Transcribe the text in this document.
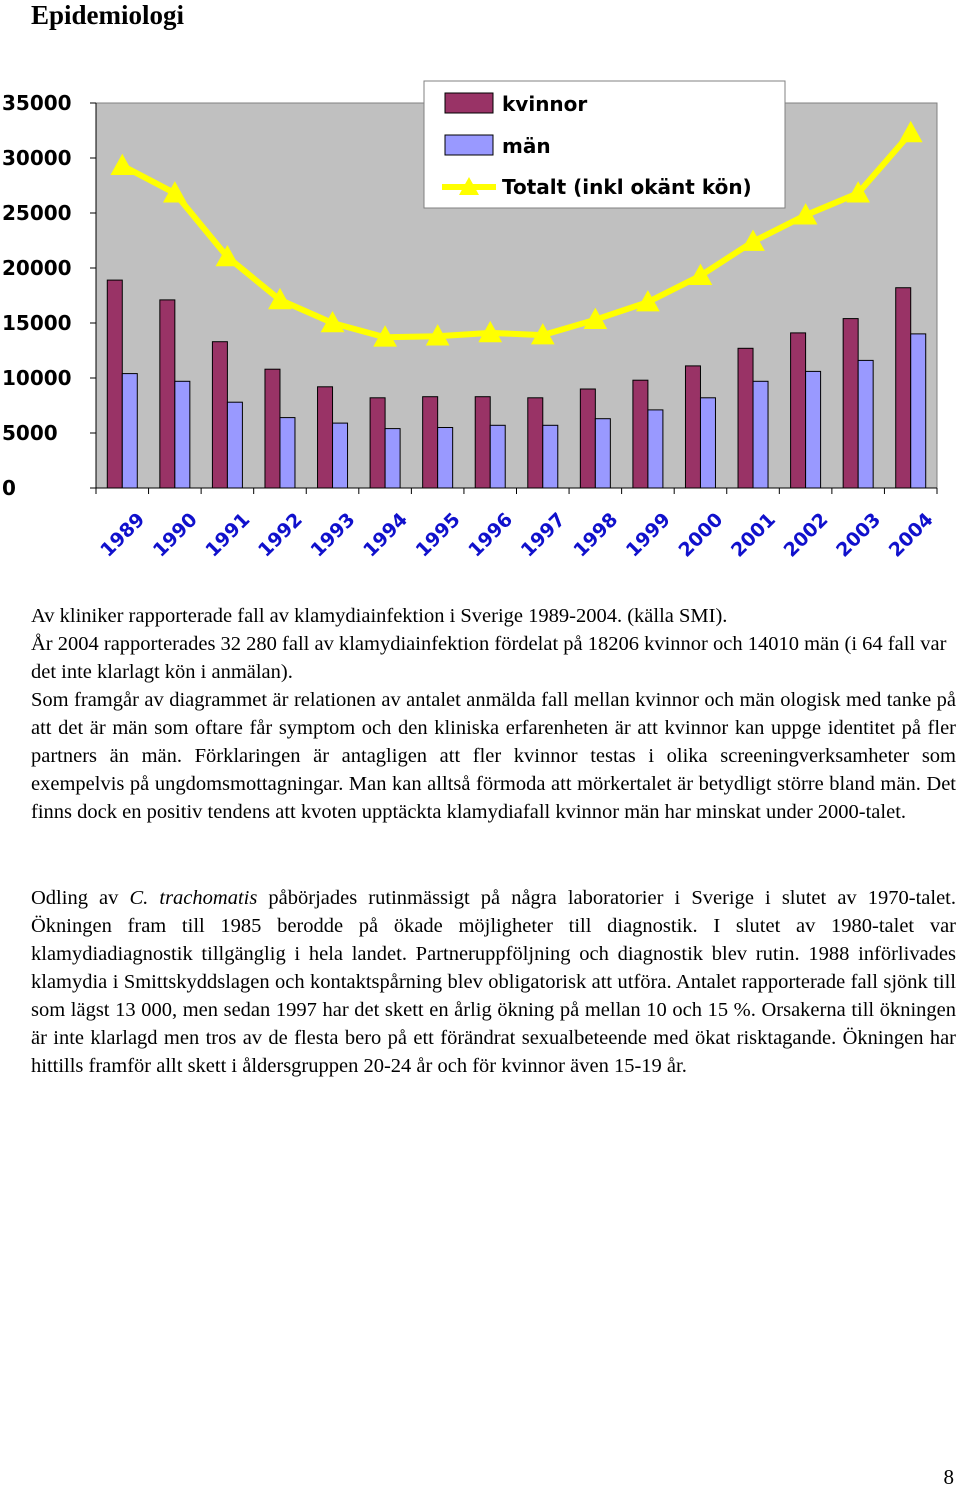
Epidemiologi
35000
30000
25000
20000
15000
10000
5000
0
1989 1990 1991 1992 1993 1994 1995 1996 1997 1998 1999 2000 2001 2002 2003 2004
kvinnor
män
Totalt (inkl okänt kön)

Av kliniker rapporterade fall av klamydiainfektion i Sverige 1989-2004. (källa SMI).

År 2004 rapporterades 32 280 fall av klamydiainfektion fördelat på 18206 kvinnor och 14010 män (i 64 fall var det inte klarlagt kön i anmälan).

Som framgår av diagrammet är relationen av antalet anmälda fall mellan kvinnor och män ologisk med tanke på att det är män som oftare får symptom och den kliniska erfarenheten är att kvinnor kan uppge identitet på fler partners än män. Förklaringen är antagligen att fler kvinnor testas i olika screeningverksamheter som exempelvis på ungdomsmottagningar. Man kan alltså förmoda att mörkertalet är betydligt större bland män. Det finns dock en positiv tendens att kvoten upptäckta klamydiafall kvinnor män har minskat under 2000-talet.

Odling av C. trachomatis påbörjades rutinmässigt på några laboratorier i Sverige i slutet av 1970-talet. Ökningen fram till 1985 berodde på ökade möjligheter till diagnostik. I slutet av 1980-talet var klamydiadiagnostik tillgänglig i hela landet. Partneruppföljning och diagnostik blev rutin. 1988 införlivades klamydia i Smittskyddslagen och kontaktspårning blev obligatorisk att utföra. Antalet rapporterade fall sjönk till som lägst 13 000, men sedan 1997 har det skett en årlig ökning på mellan 10 och 15 %. Orsakerna till ökningen är inte klarlagd men tros av de flesta bero på ett förändrat sexualbeteende med ökat risktagande. Ökningen har hittills framför allt skett i åldersgruppen 20-24 år och för kvinnor även 15-19 år.

8
